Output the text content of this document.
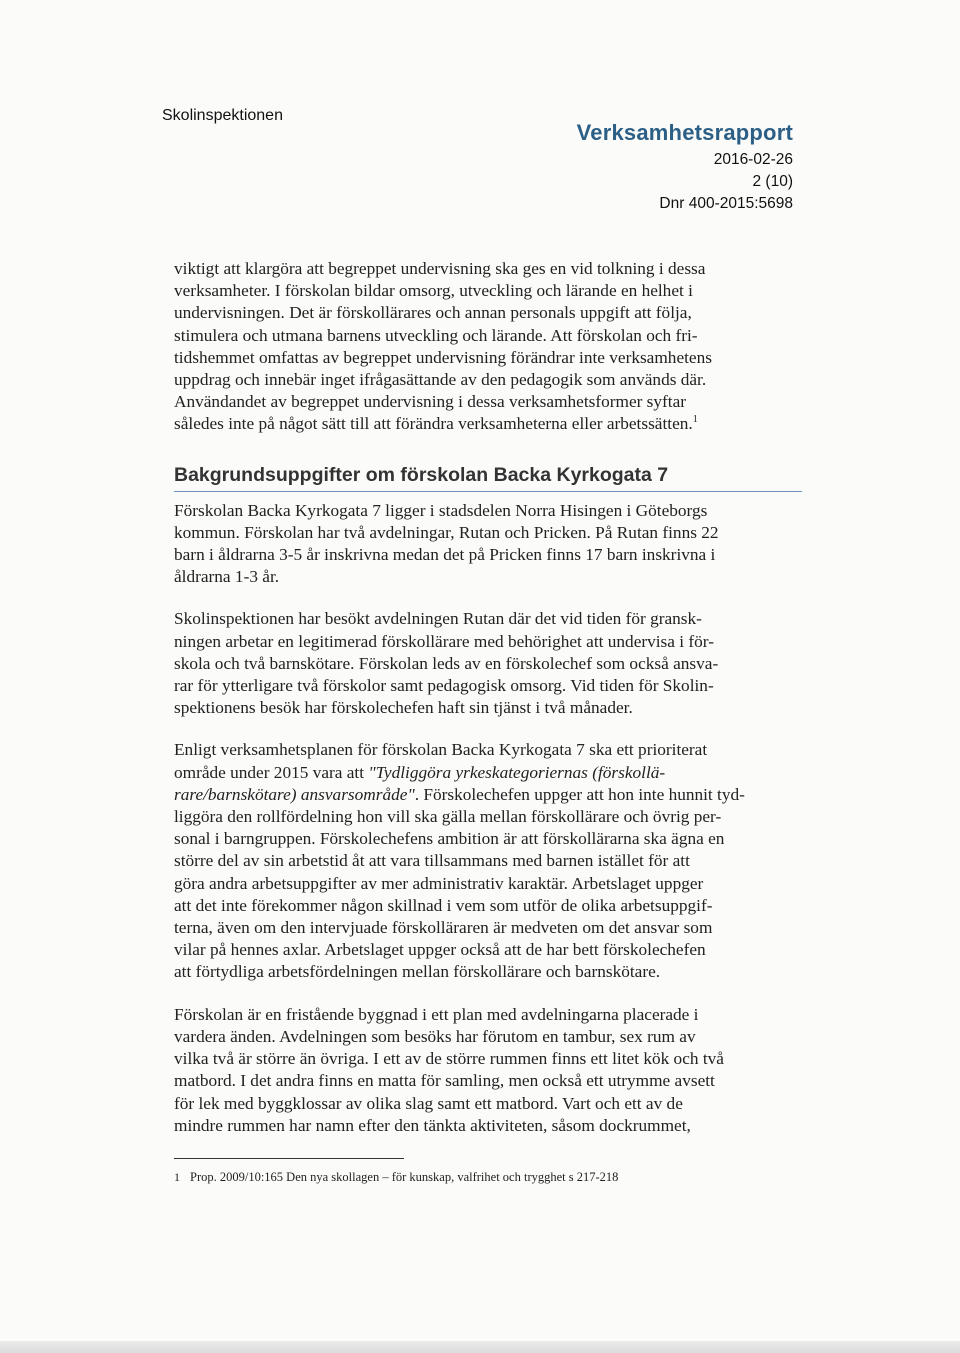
Skolinspektionen
Verksamhetsrapport
2016-02-26
2 (10)
Dnr 400-2015:5698
viktigt att klargöra att begreppet undervisning ska ges en vid tolkning i dessa
verksamheter. I förskolan bildar omsorg, utveckling och lärande en helhet i
undervisningen. Det är förskollärares och annan personals uppgift att följa,
stimulera och utmana barnens utveckling och lärande. Att förskolan och fri-
tidshemmet omfattas av begreppet undervisning förändrar inte verksamhetens
uppdrag och innebär inget ifrågasättande av den pedagogik som används där.
Användandet av begreppet undervisning i dessa verksamhetsformer syftar
således inte på något sätt till att förändra verksamheterna eller arbetssätten.$^1$
Bakgrundsuppgifter om förskolan Backa Kyrkogata 7
Förskolan Backa Kyrkogata 7 ligger i stadsdelen Norra Hisingen i Göteborgs
kommun. Förskolan har två avdelningar, Rutan och Pricken. På Rutan finns 22
barn i åldrarna 3-5 år inskrivna medan det på Pricken finns 17 barn inskrivna i
åldrarna 1-3 år.
Skolinspektionen har besökt avdelningen Rutan där det vid tiden för gransk-
ningen arbetar en legitimerad förskollärare med behörighet att undervisa i för-
skola och två barnskötare. Förskolan leds av en förskolechef som också ansva-
rar för ytterligare två förskolor samt pedagogisk omsorg. Vid tiden för Skolin-
spektionens besök har förskolechefen haft sin tjänst i två månader.
Enligt verksamhetsplanen för förskolan Backa Kyrkogata 7 ska ett prioriterat
område under 2015 vara att "Tydliggöra yrkeskategoriernas (förskollä-
rare/barnskötare) ansvarsområde". Förskolechefen uppger att hon inte hunnit tyd-
liggöra den rollfördelning hon vill ska gälla mellan förskollärare och övrig per-
sonal i barngruppen. Förskolechefens ambition är att förskollärarna ska ägna en
större del av sin arbetstid åt att vara tillsammans med barnen istället för att
göra andra arbetsuppgifter av mer administrativ karaktär. Arbetslaget uppger
att det inte förekommer någon skillnad i vem som utför de olika arbetsuppgif-
terna, även om den intervjuade förskolläraren är medveten om det ansvar som
vilar på hennes axlar. Arbetslaget uppger också att de har bett förskolechefen
att förtydliga arbetsfördelningen mellan förskollärare och barnskötare.
Förskolan är en fristående byggnad i ett plan med avdelningarna placerade i
vardera änden. Avdelningen som besöks har förutom en tambur, sex rum av
vilka två är större än övriga. I ett av de större rummen finns ett litet kök och två
matbord. I det andra finns en matta för samling, men också ett utrymme avsett
för lek med byggklossar av olika slag samt ett matbord. Vart och ett av de
mindre rummen har namn efter den tänkta aktiviteten, såsom dockrummet,
1 Prop. 2009/10:165 Den nya skollagen – för kunskap, valfrihet och trygghet s 217-218
